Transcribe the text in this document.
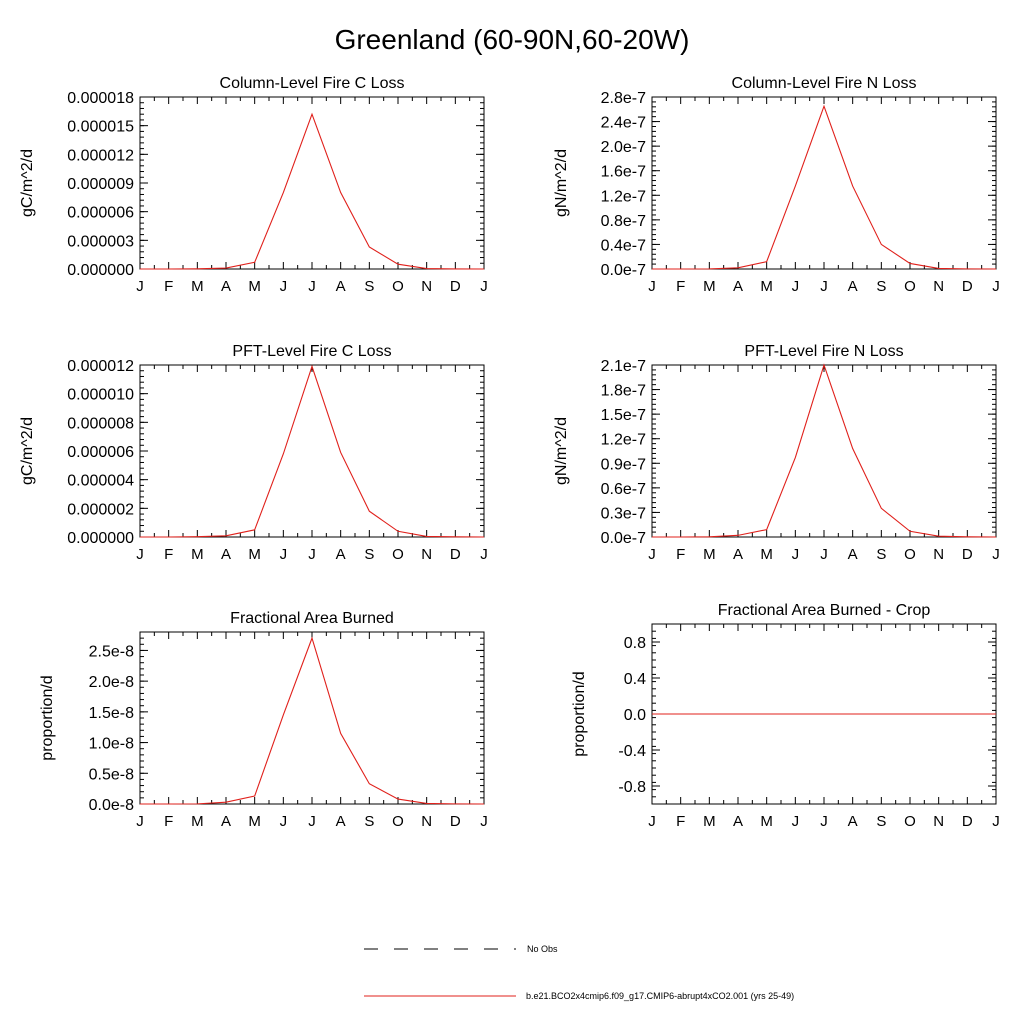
Greenland (60-90N,60-20W)
Column-Level Fire C Loss
gC/m^2/d
J F M A M J J A S O N D J
0.000000
0.000003
0.000006
0.000009
0.000012
0.000015
0.000018
Column-Level Fire N Loss
gN/m^2/d
J F M A M J J A S O N D J
0.0e-7
0.4e-7
0.8e-7
1.2e-7
1.6e-7
2.0e-7
2.4e-7
2.8e-7
PFT-Level Fire C Loss
gC/m^2/d
J F M A M J J A S O N D J
0.000000
0.000002
0.000004
0.000006
0.000008
0.000010
0.000012
PFT-Level Fire N Loss
gN/m^2/d
J F M A M J J A S O N D J
0.0e-7
0.3e-7
0.6e-7
0.9e-7
1.2e-7
1.5e-7
1.8e-7
2.1e-7
Fractional Area Burned
proportion/d
J F M A M J J A S O N D J
0.0e-8
0.5e-8
1.0e-8
1.5e-8
2.0e-8
2.5e-8
Fractional Area Burned - Crop
proportion/d
J F M A M J J A S O N D J
-0.8
-0.4
0.0
0.4
0.8
No Obs
b.e21.BCO2x4cmip6.f09_g17.CMIP6-abrupt4xCO2.001 (yrs 25-49)
